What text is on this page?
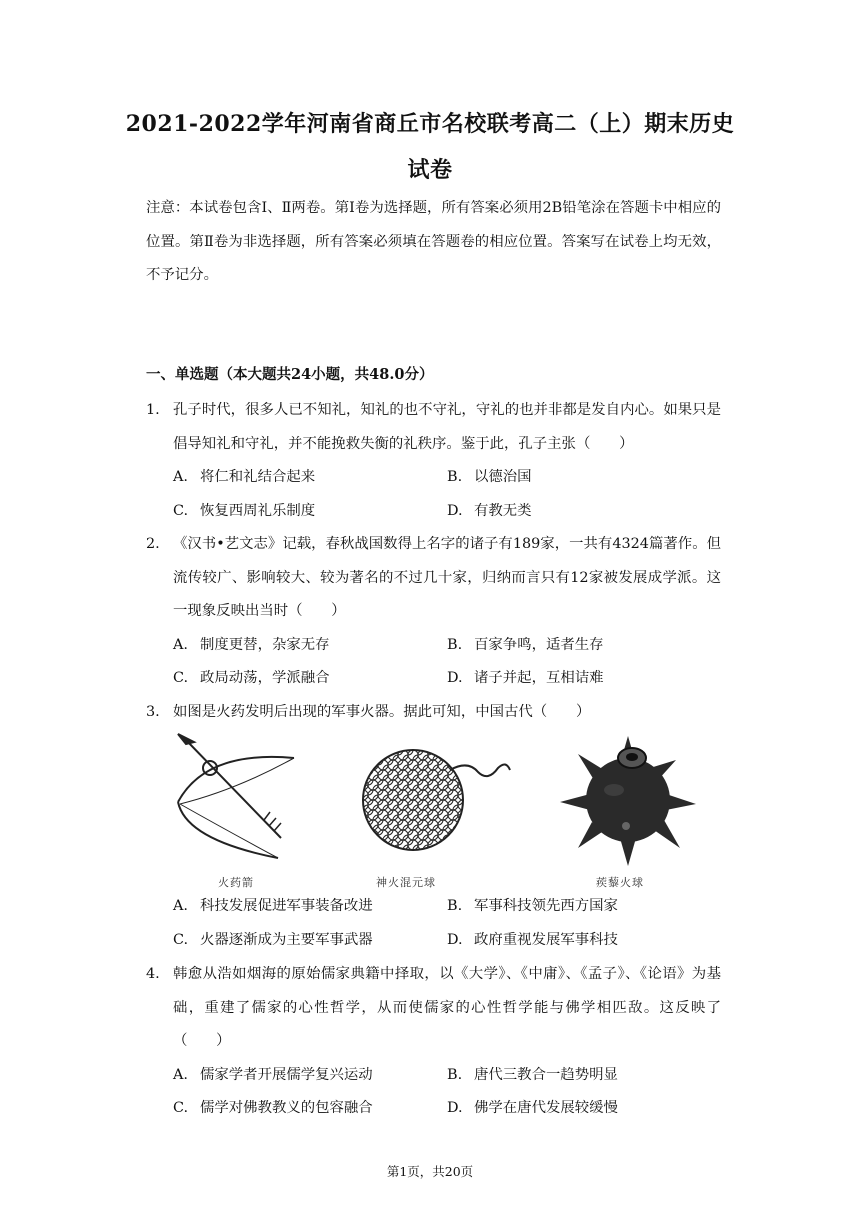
2021-2022学年河南省商丘市名校联考高二（上）期末历史试卷
注意：本试卷包含Ⅰ、Ⅱ两卷。第Ⅰ卷为选择题，所有答案必须用2B铅笔涂在答题卡中相应的位置。第Ⅱ卷为非选择题，所有答案必须填在答题卷的相应位置。答案写在试卷上均无效，不予记分。
一、单选题（本大题共24小题，共48.0分）
1. 孔子时代，很多人已不知礼，知礼的也不守礼，守礼的也并非都是发自内心。如果只是倡导知礼和守礼，并不能挽救失衡的礼秩序。鉴于此，孔子主张（　　）
A. 将仁和礼结合起来	B. 以德治国
C. 恢复西周礼乐制度	D. 有教无类
2. 《汉书•艺文志》记载，春秋战国数得上名字的诸子有189家，一共有4324篇著作。但流传较广、影响较大、较为著名的不过几十家，归纳而言只有12家被发展成学派。这一现象反映出当时（　　）
A. 制度更替，杂家无存	B. 百家争鸣，适者生存
C. 政局动荡，学派融合	D. 诸子并起，互相诘难
3. 如图是火药发明后出现的军事火器。据此可知，中国古代（　　）
火药箭	神火混元球	蒺藜火球
A. 科技发展促进军事装备改进	B. 军事科技领先西方国家
C. 火器逐渐成为主要军事武器	D. 政府重视发展军事科技
4. 韩愈从浩如烟海的原始儒家典籍中择取，以《大学》、《中庸》、《孟子》、《论语》为基础，重建了儒家的心性哲学，从而使儒家的心性哲学能与佛学相匹敌。这反映了（　　）
A. 儒家学者开展儒学复兴运动	B. 唐代三教合一趋势明显
C. 儒学对佛教教义的包容融合	D. 佛学在唐代发展较缓慢
第1页，共20页
